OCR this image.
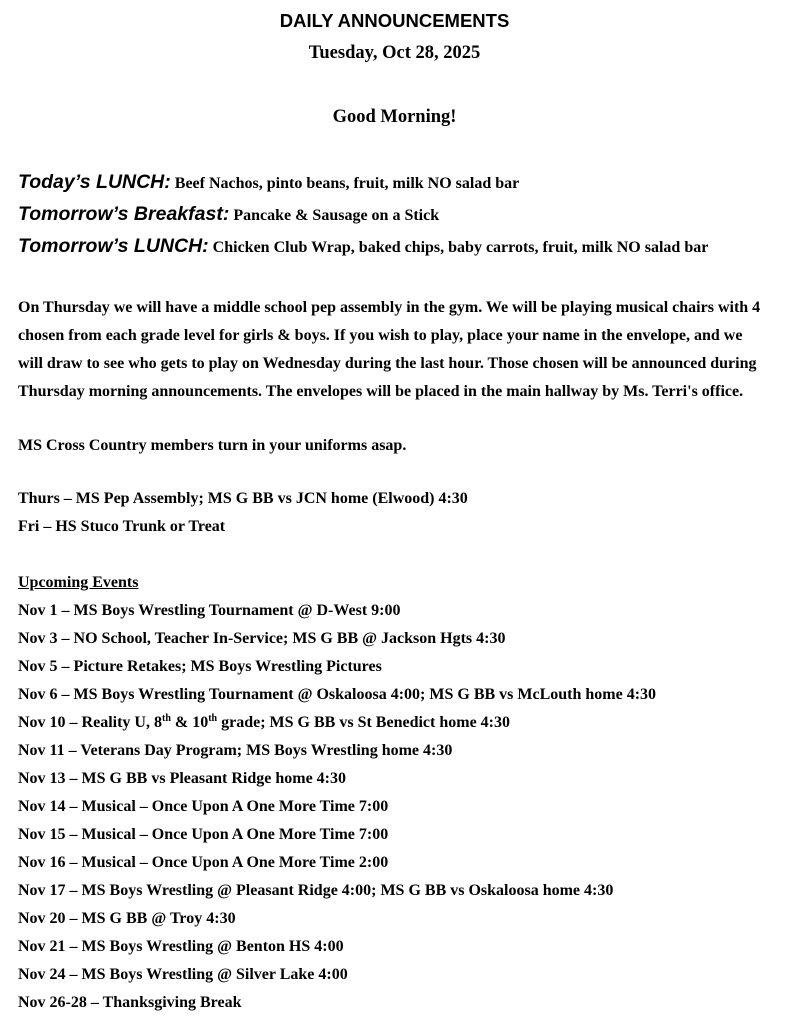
DAILY ANNOUNCEMENTS
Tuesday, Oct 28, 2025
Good Morning!
Today’s LUNCH: Beef Nachos, pinto beans, fruit, milk NO salad bar
Tomorrow’s Breakfast: Pancake & Sausage on a Stick
Tomorrow’s LUNCH: Chicken Club Wrap, baked chips, baby carrots, fruit, milk NO salad bar
On Thursday we will have a middle school pep assembly in the gym. We will be playing musical chairs with 4
chosen from each grade level for girls & boys. If you wish to play, place your name in the envelope, and we
will draw to see who gets to play on Wednesday during the last hour. Those chosen will be announced during
Thursday morning announcements. The envelopes will be placed in the main hallway by Ms. Terri's office.
MS Cross Country members turn in your uniforms asap.
Thurs – MS Pep Assembly; MS G BB vs JCN home (Elwood) 4:30
Fri – HS Stuco Trunk or Treat
Upcoming Events
Nov 1 – MS Boys Wrestling Tournament @ D-West 9:00
Nov 3 – NO School, Teacher In-Service; MS G BB @ Jackson Hgts 4:30
Nov 5 – Picture Retakes; MS Boys Wrestling Pictures
Nov 6 – MS Boys Wrestling Tournament @ Oskaloosa 4:00; MS G BB vs McLouth home 4:30
Nov 10 – Reality U, 8th & 10th grade; MS G BB vs St Benedict home 4:30
Nov 11 – Veterans Day Program; MS Boys Wrestling home 4:30
Nov 13 – MS G BB vs Pleasant Ridge home 4:30
Nov 14 – Musical – Once Upon A One More Time 7:00
Nov 15 – Musical – Once Upon A One More Time 7:00
Nov 16 – Musical – Once Upon A One More Time 2:00
Nov 17 – MS Boys Wrestling @ Pleasant Ridge 4:00; MS G BB vs Oskaloosa home 4:30
Nov 20 – MS G BB @ Troy 4:30
Nov 21 – MS Boys Wrestling @ Benton HS 4:00
Nov 24 – MS Boys Wrestling @ Silver Lake 4:00
Nov 26-28 – Thanksgiving Break
